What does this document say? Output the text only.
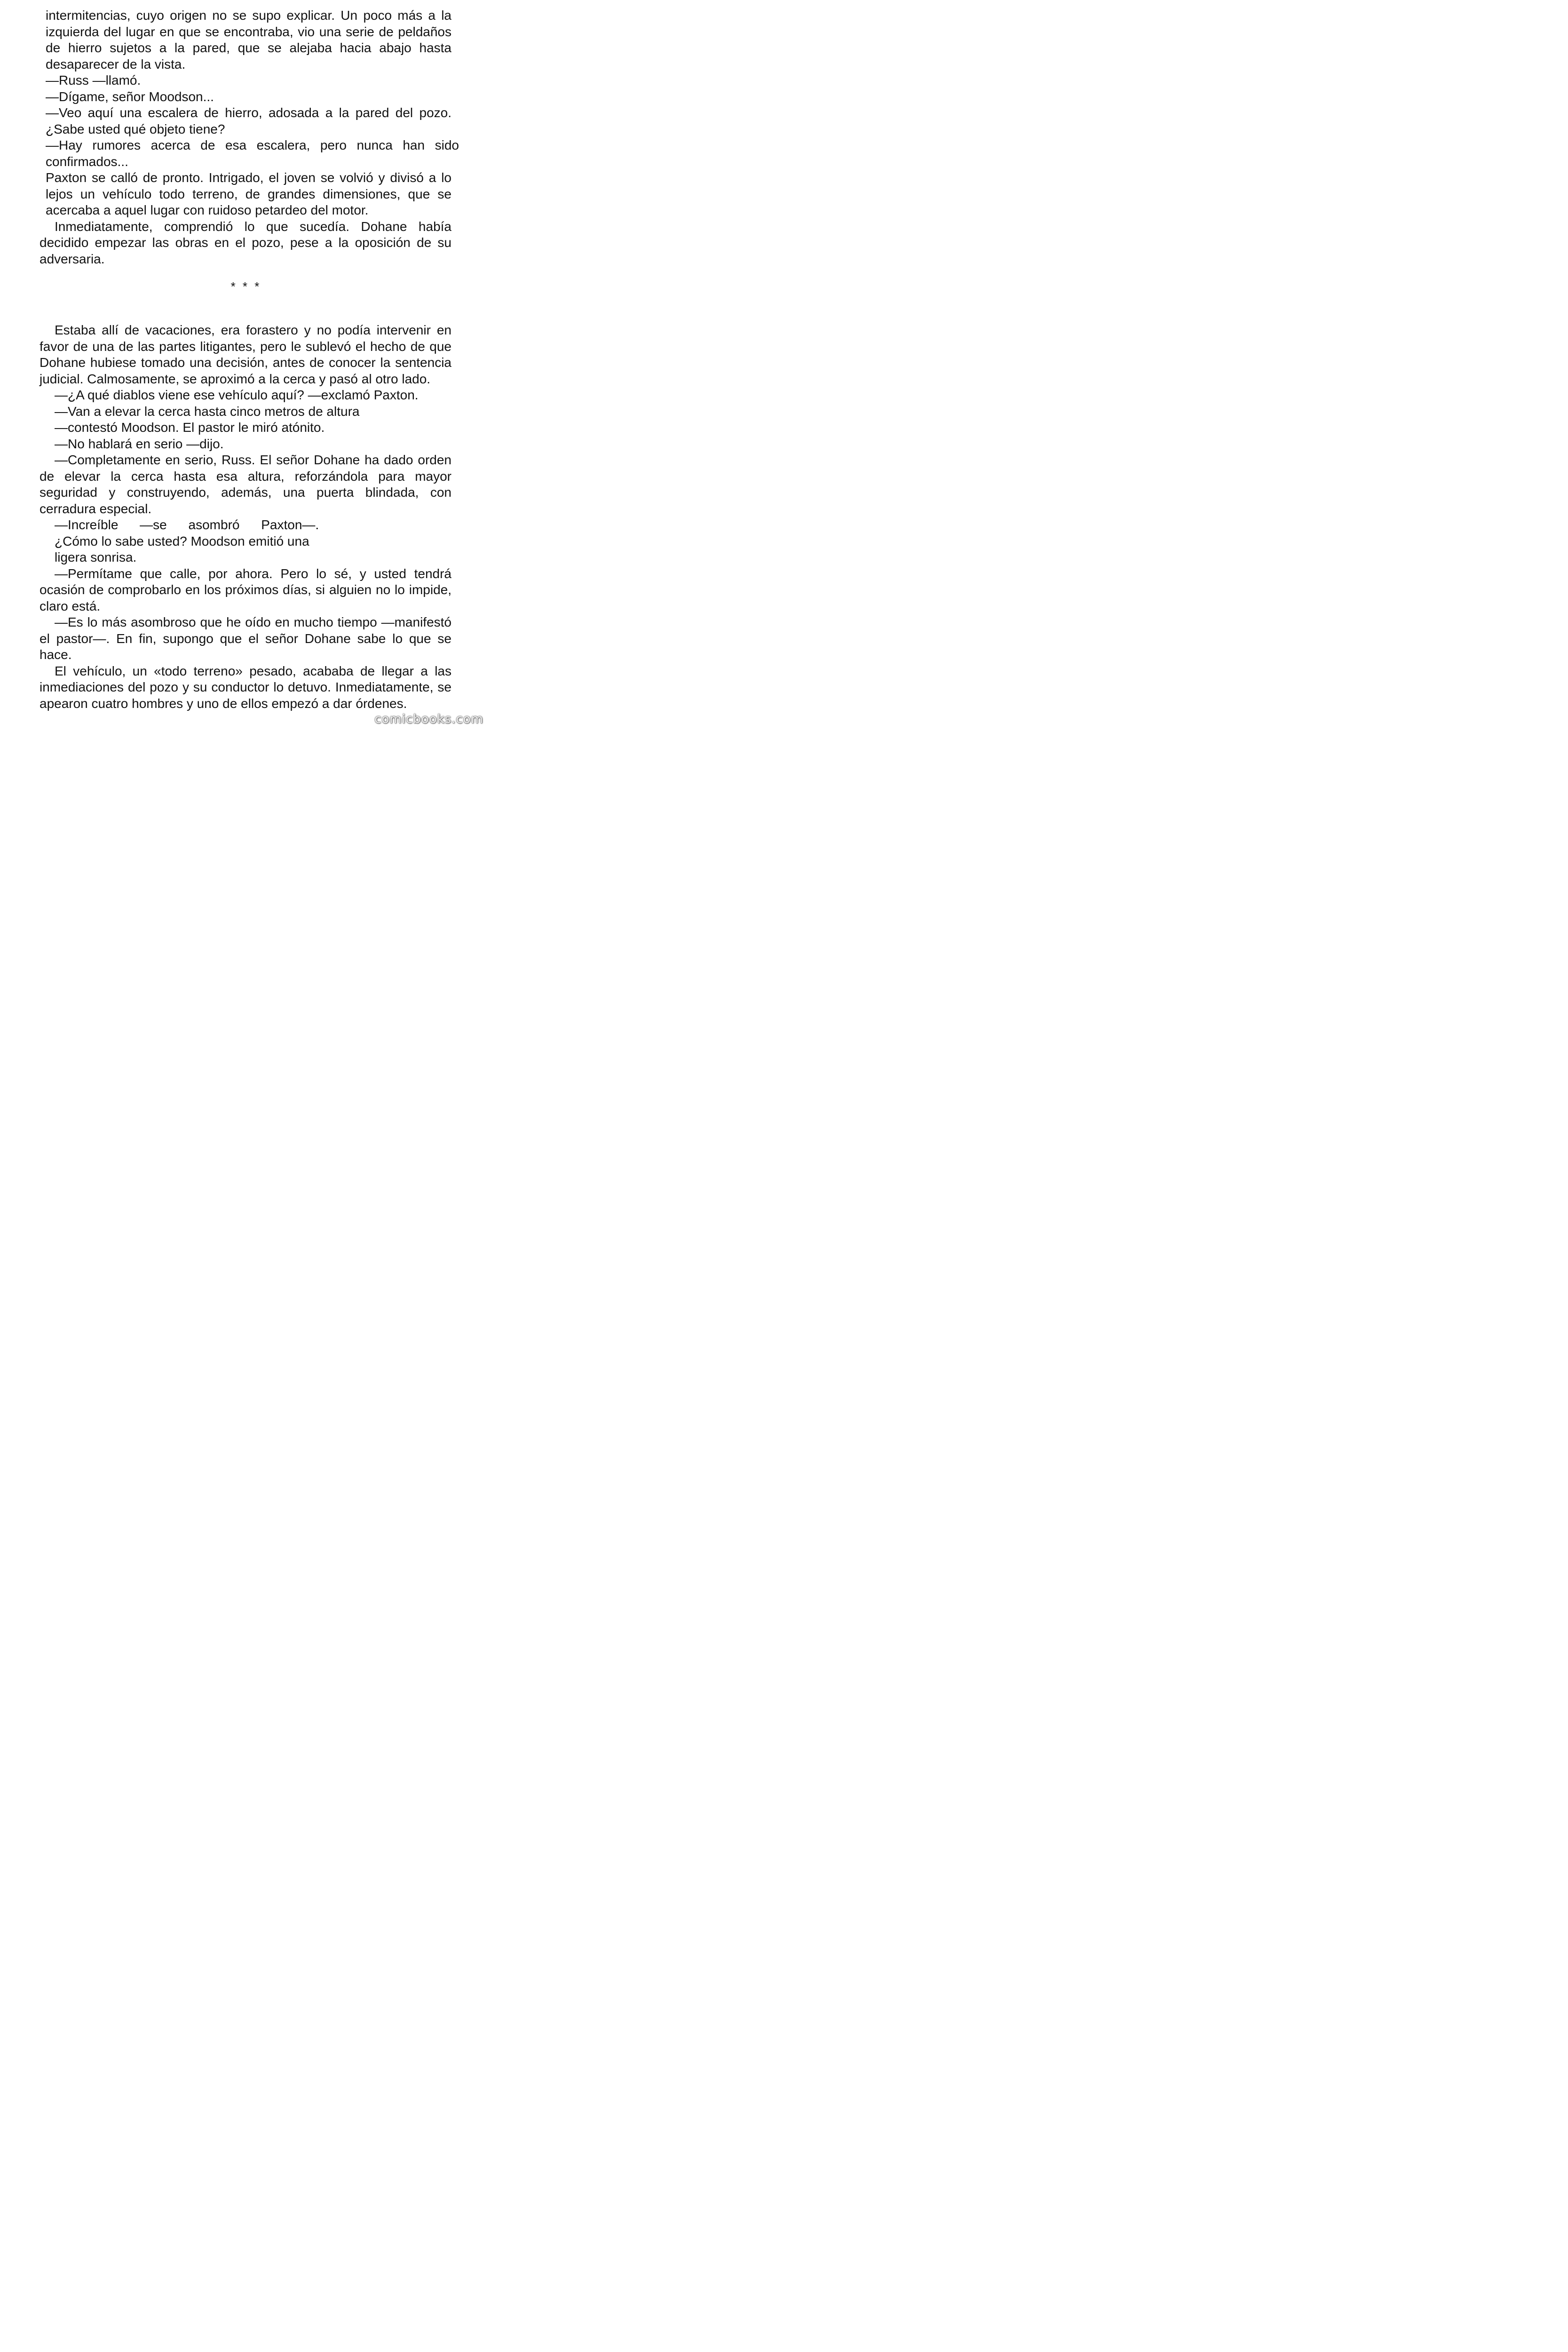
intermitencias, cuyo origen no se supo explicar. Un poco más a la izquierda del lugar en que se encontraba, vio una serie de peldaños de hierro sujetos a la pared, que se alejaba hacia abajo hasta desaparecer de la vista.

—Russ —llamó.

—Dígame, señor Moodson...

—Veo aquí una escalera de hierro, adosada a la pared del pozo. ¿Sabe usted qué objeto tiene?

—Hay rumores acerca de esa escalera, pero nunca han sido confirmados...

Paxton se calló de pronto. Intrigado, el joven se volvió y divisó a lo lejos un vehículo todo terreno, de grandes dimensiones, que se acercaba a aquel lugar con ruidoso petardeo del motor.

Inmediatamente, comprendió lo que sucedía. Dohane había decidido empezar las obras en el pozo, pese a la oposición de su adversaria.

* * *

Estaba allí de vacaciones, era forastero y no podía intervenir en favor de una de las partes litigantes, pero le sublevó el hecho de que Dohane hubiese tomado una decisión, antes de conocer la sentencia judicial. Calmosamente, se aproximó a la cerca y pasó al otro lado.

—¿A qué diablos viene ese vehículo aquí? —exclamó Paxton.

—Van a elevar la cerca hasta cinco metros de altura

—contestó Moodson. El pastor le miró atónito.

—No hablará en serio —dijo.

—Completamente en serio, Russ. El señor Dohane ha dado orden de elevar la cerca hasta esa altura, reforzándola para mayor seguridad y construyendo, además, una puerta blindada, con cerradura especial.

—Increíble —se asombró Paxton—.

¿Cómo lo sabe usted? Moodson emitió una

ligera sonrisa.

—Permítame que calle, por ahora. Pero lo sé, y usted tendrá ocasión de comprobarlo en los próximos días, si alguien no lo impide, claro está.

—Es lo más asombroso que he oído en mucho tiempo —manifestó el pastor—. En fin, supongo que el señor Dohane sabe lo que se hace.

El vehículo, un «todo terreno» pesado, acababa de llegar a las inmediaciones del pozo y su conductor lo detuvo. Inmediatamente, se apearon cuatro hombres y uno de ellos empezó a dar órdenes.

comicbooks.com
